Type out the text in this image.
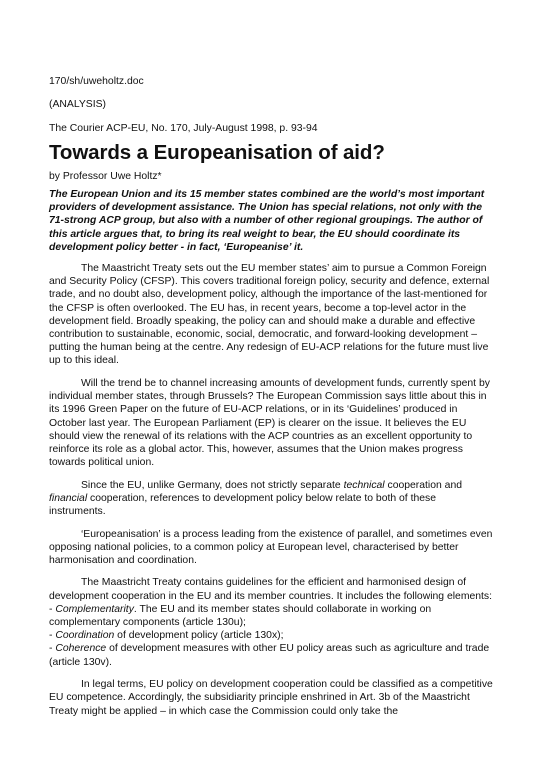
170/sh/uweholtz.doc

(ANALYSIS)

The Courier ACP-EU, No. 170, July-August 1998, p. 93-94

Towards a Europeanisation of aid?

by Professor Uwe Holtz*

The European Union and its 15 member states combined are the world’s most important providers of development assistance. The Union has special relations, not only with the 71-strong ACP group, but also with a number of other regional groupings. The author of this article argues that, to bring its real weight to bear, the EU should coordinate its development policy better - in fact, ‘Europeanise’ it.

The Maastricht Treaty sets out the EU member states’ aim to pursue a Common Foreign and Security Policy (CFSP). This covers traditional foreign policy, security and defence, external trade, and no doubt also, development policy, although the importance of the last-mentioned for the CFSP is often overlooked. The EU has, in recent years, become a top-level actor in the development field. Broadly speaking, the policy can and should make a durable and effective contribution to sustainable, economic, social, democratic, and forward-looking development – putting the human being at the centre. Any redesign of EU-ACP relations for the future must live up to this ideal.

Will the trend be to channel increasing amounts of development funds, currently spent by individual member states, through Brussels? The European Commission says little about this in its 1996 Green Paper on the future of EU-ACP relations, or in its ‘Guidelines’ produced in October last year. The European Parliament (EP) is clearer on the issue. It believes the EU should view the renewal of its relations with the ACP countries as an excellent opportunity to reinforce its role as a global actor. This, however, assumes that the Union makes progress towards political union.

Since the EU, unlike Germany, does not strictly separate technical cooperation and financial cooperation, references to development policy below relate to both of these instruments.

‘Europeanisation’ is a process leading from the existence of parallel, and sometimes even opposing national policies, to a common policy at European level, characterised by better harmonisation and coordination.

The Maastricht Treaty contains guidelines for the efficient and harmonised design of development cooperation in the EU and its member countries. It includes the following elements:

- Complementarity. The EU and its member states should collaborate in working on complementary components (article 130u);

- Coordination of development policy (article 130x);

- Coherence of development measures with other EU policy areas such as agriculture and trade (article 130v).

In legal terms, EU policy on development cooperation could be classified as a competitive EU competence. Accordingly, the subsidiarity principle enshrined in Art. 3b of the Maastricht Treaty might be applied – in which case the Commission could only take the
